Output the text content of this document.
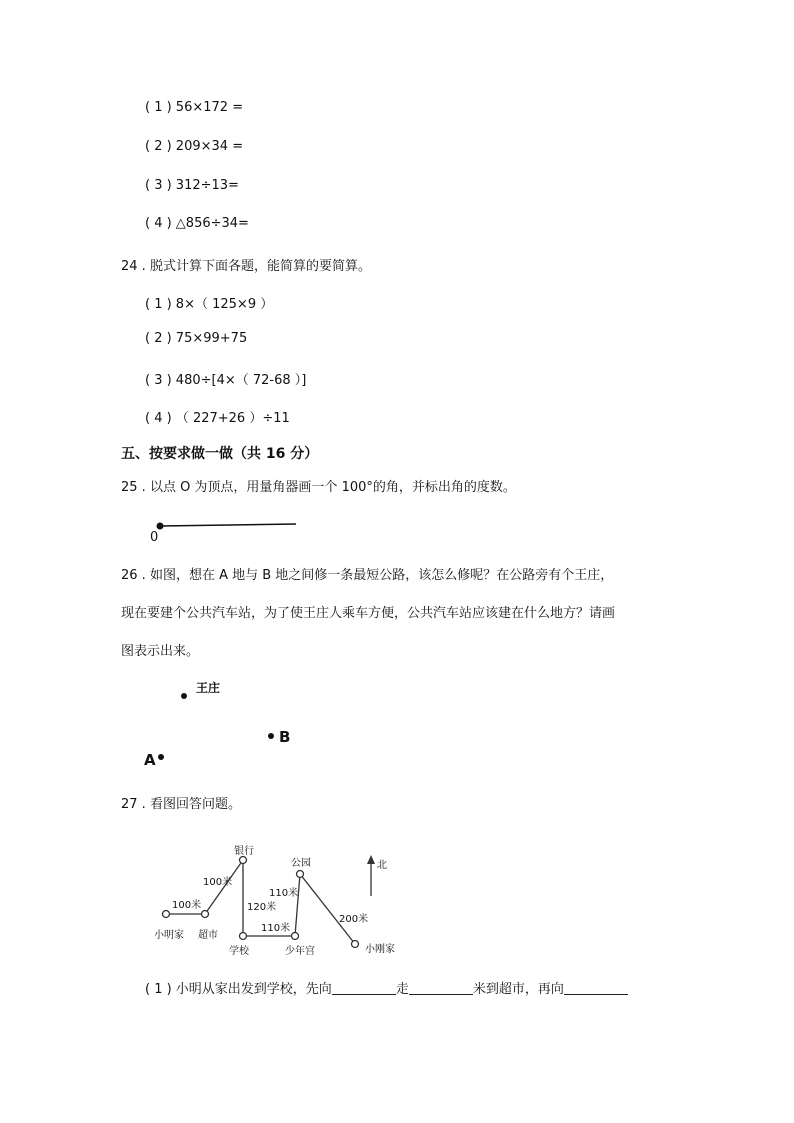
( 1 ) 56×172 =
( 2 ) 209×34 =
( 3 ) 312÷13=
( 4 ) △856÷34=
24 . 脱式计算下面各题，能简算的要简算。
( 1 ) 8×（ 125×9 ）
( 2 ) 75×99+75
( 3 ) 480÷[4×（ 72-68 ）]
( 4 ) （ 227+26 ）÷11
五、按要求做一做（共 16 分）
25 . 以点 O 为顶点，用量角器画一个 100°的角，并标出角的度数。
0
26 . 如图，想在 A 地与 B 地之间修一条最短公路，该怎么修呢？在公路旁有个王庄，
现在要建个公共汽车站，为了使王庄人乘车方便，公共汽车站应该建在什么地方？请画
图表示出来。
王庄
B
A
27 . 看图回答问题。
小明家 超市
银行
学校
公园
少年宫	小刚家
100米
100米
120米
110米
110米
200米
北
( 1 ) 小明从家出发到学校，先向	走	米到超市，再向
